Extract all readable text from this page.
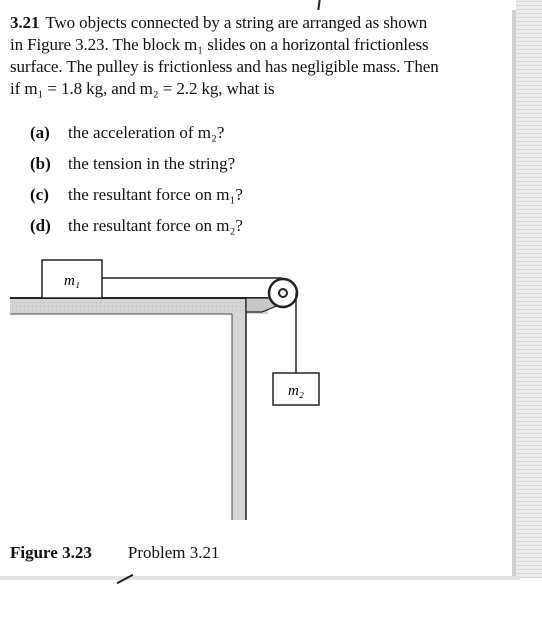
3.21 Two objects connected by a string are arranged as shown
in Figure 3.23. The block m₁ slides on a horizontal frictionless
surface. The pulley is frictionless and has negligible mass. Then
if m₁ = 1.8 kg, and m₂ = 2.2 kg, what is
(a) the acceleration of m₂?
(b) the tension in the string?
(c) the resultant force on m₁?
(d) the resultant force on m₂?
m₁
m₂
Figure 3.23 Problem 3.21
